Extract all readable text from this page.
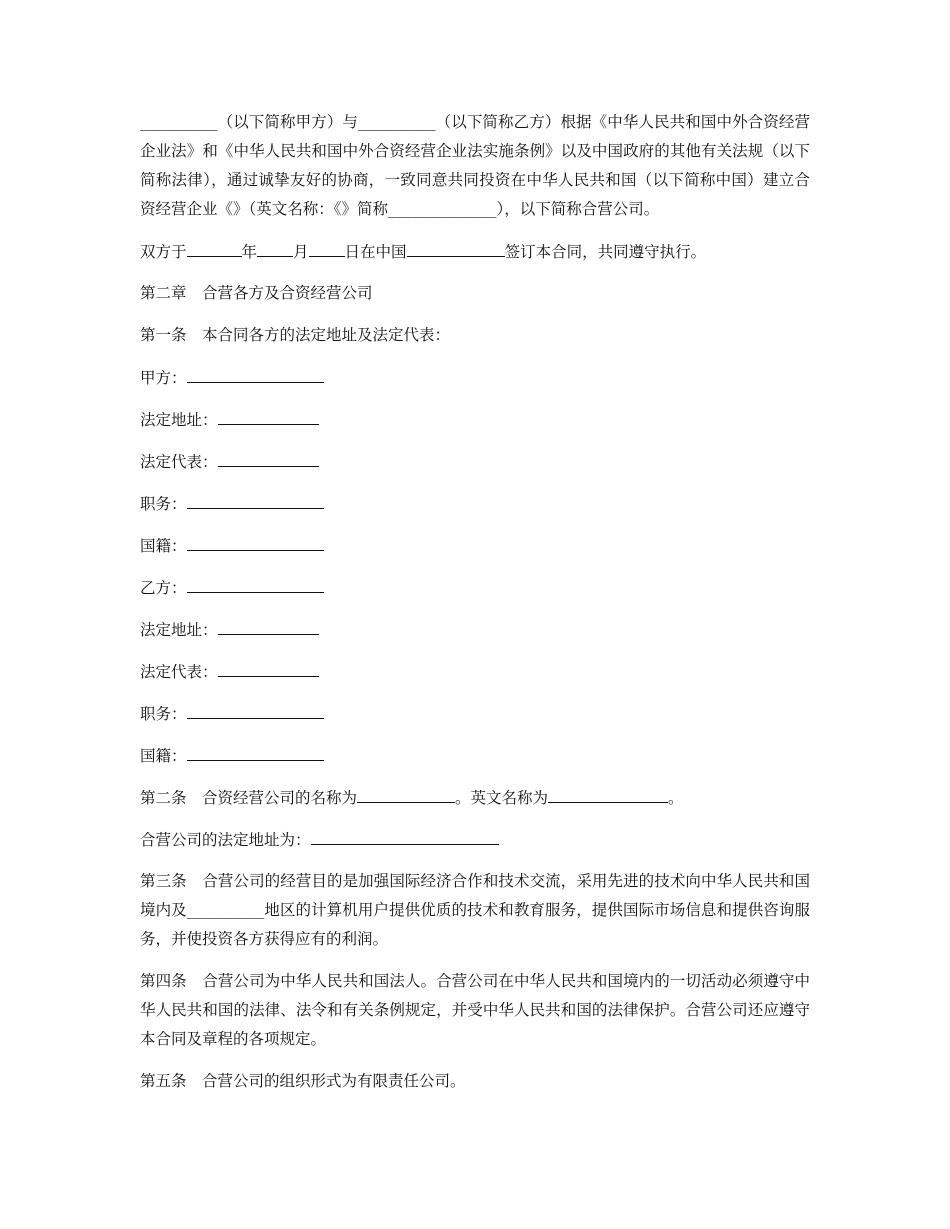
__________（以下简称甲方）与__________（以下简称乙方）根据《中华人民共和国中外合资经营企业法》和《中华人民共和国中外合资经营企业法实施条例》以及中国政府的其他有关法规（以下简称法律），通过诚挚友好的协商，一致同意共同投资在中华人民共和国（以下简称中国）建立合资经营企业《》（英文名称：《》简称______________），以下简称合营公司。

双方于	年 月 日在中国	签订本合同，共同遵守执行。

第二章　合营各方及合资经营公司

第一条　本合同各方的法定地址及法定代表：

甲方：

法定地址：

法定代表：

职务：

国籍：

乙方：

法定地址：

法定代表：

职务：

国籍：

第二条　合资经营公司的名称为	。英文名称为	。

合营公司的法定地址为：

第三条　合营公司的经营目的是加强国际经济合作和技术交流，采用先进的技术向中华人民共和国境内及__________地区的计算机用户提供优质的技术和教育服务，提供国际市场信息和提供咨询服务，并使投资各方获得应有的利润。

第四条　合营公司为中华人民共和国法人。合营公司在中华人民共和国境内的一切活动必须遵守中华人民共和国的法律、法令和有关条例规定，并受中华人民共和国的法律保护。合营公司还应遵守本合同及章程的各项规定。

第五条　合营公司的组织形式为有限责任公司。
